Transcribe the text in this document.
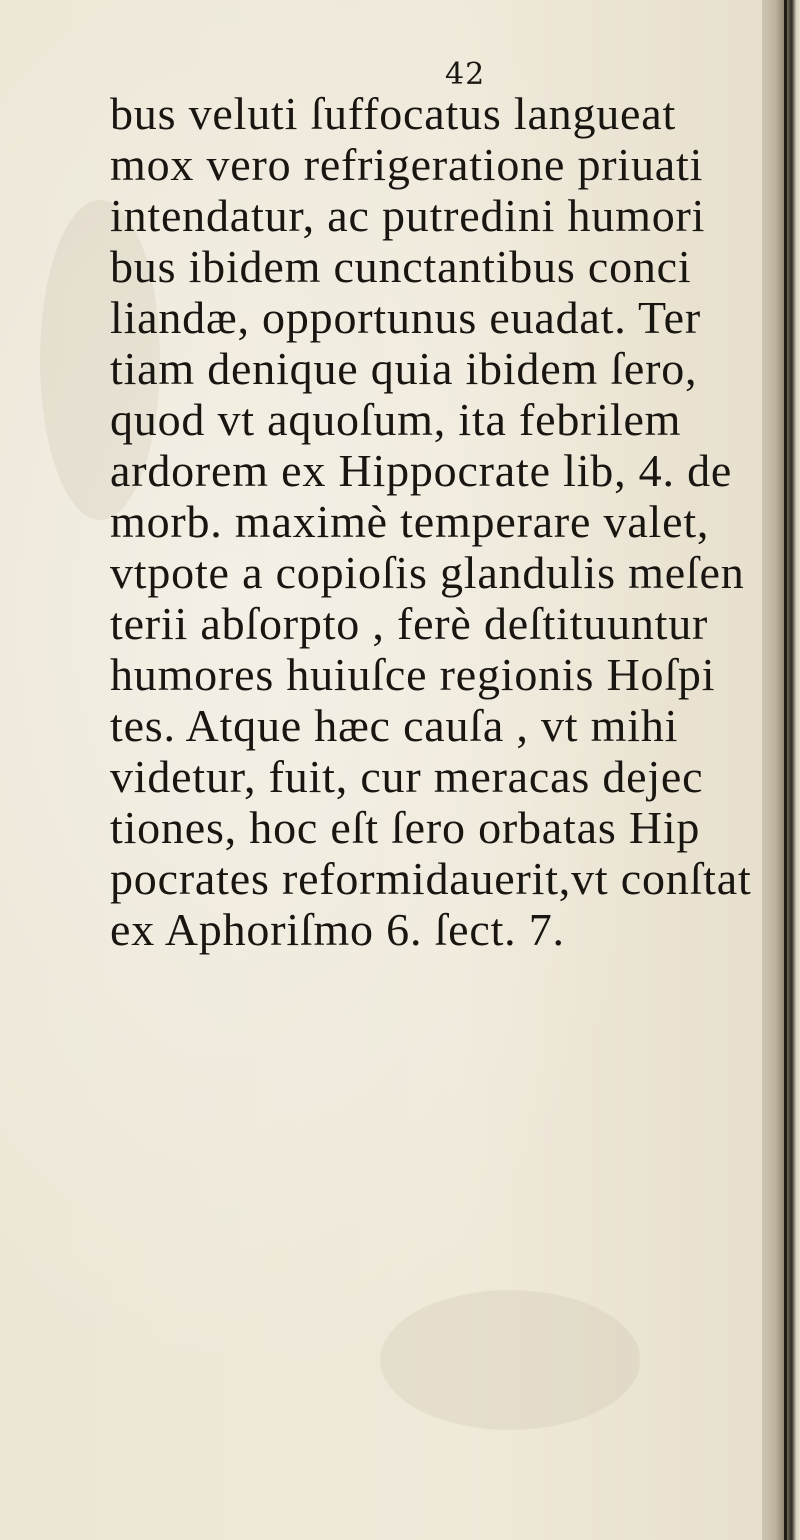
42
bus veluti ſuffocatus langueat
mox vero refrigeratione priuati
intendatur, ac putredini humori
bus ibidem cunctantibus conci
liandæ, opportunus euadat. Ter
tiam denique quia ibidem ſero,
quod vt aquoſum, ita febrilem
ardorem ex Hippocrate lib, 4. de
morb. maximè temperare valet,
vtpote a copioſis glandulis meſen
terii abſorpto , ferè deſtituuntur
humores huiuſce regionis Hoſpi
tes. Atque hæc cauſa , vt mihi
videtur, fuit, cur meracas dejec
tiones, hoc eſt ſero orbatas Hip
pocrates reformidauerit,vt conſtat
ex Aphoriſmo 6. ſect. 7.
